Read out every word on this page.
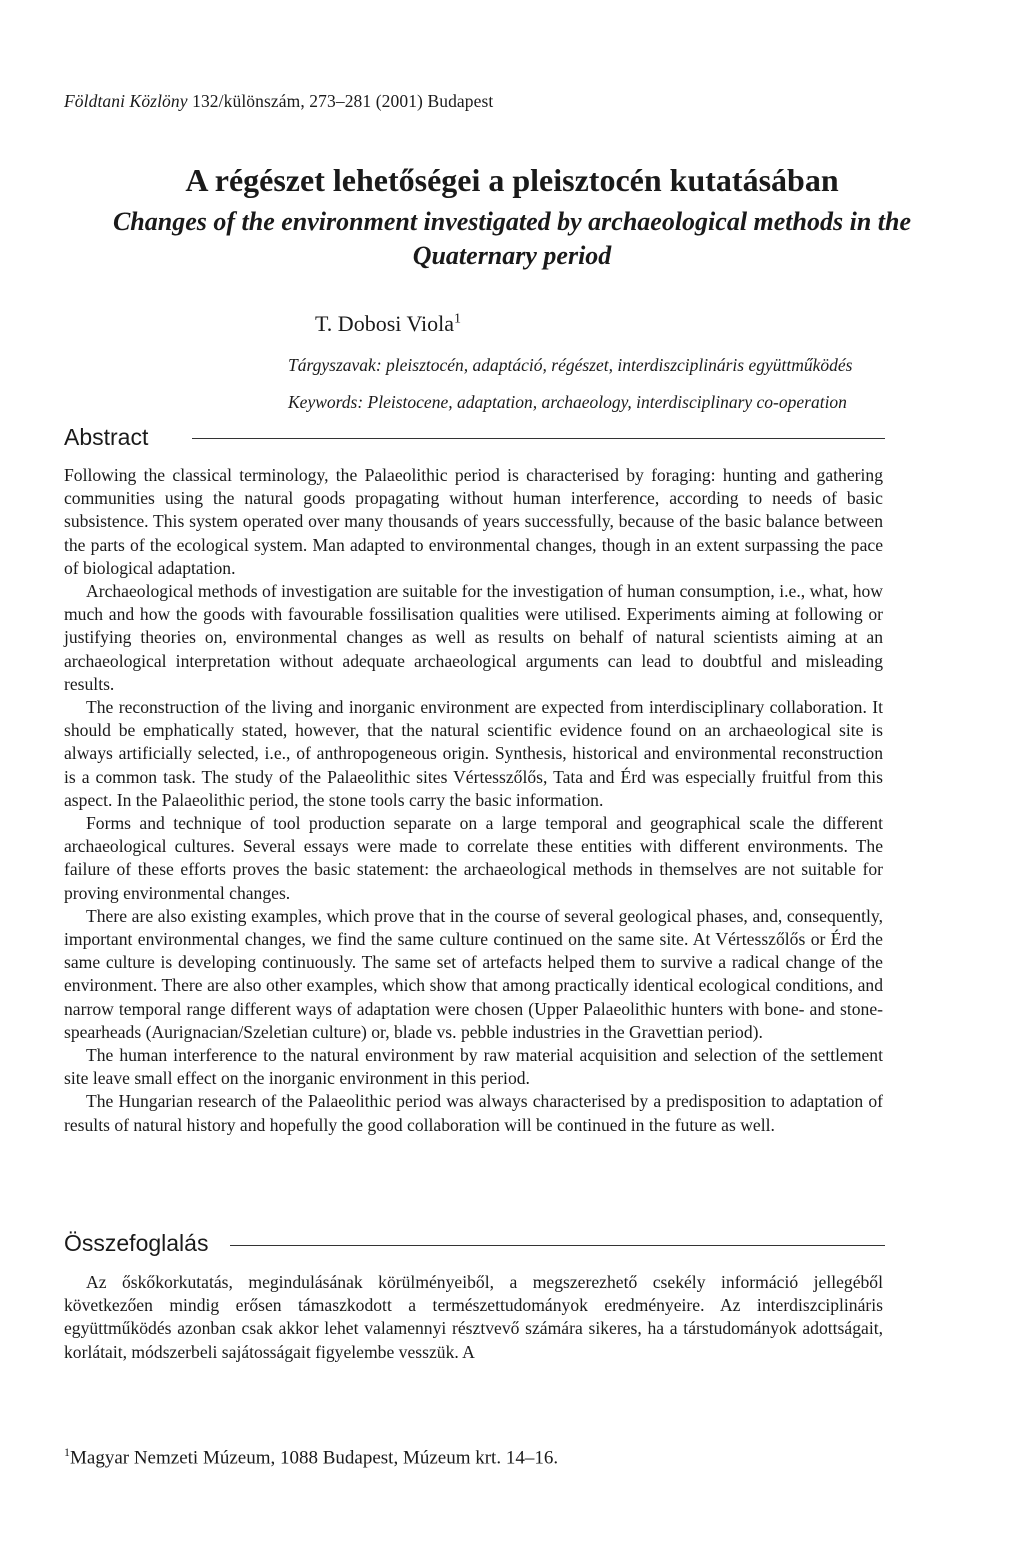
Földtani Közlöny 132/különszám, 273–281 (2001) Budapest
A régészet lehetőségei a pleisztocén kutatásában
Changes of the environment investigated by archaeological methods in the Quaternary period
T. Dobosi Viola$^1$
Tárgyszavak: pleisztocén, adaptáció, régészet, interdiszciplináris együttműködés
Keywords: Pleistocene, adaptation, archaeology, interdisciplinary co-operation
Abstract

Following the classical terminology, the Palaeolithic period is characterised by foraging: hunting and gathering communities using the natural goods propagating without human interference, according to needs of basic subsistence. This system operated over many thousands of years successfully, because of the basic balance between the parts of the ecological system. Man adapted to environmental changes, though in an extent surpassing the pace of biological adaptation.

Archaeological methods of investigation are suitable for the investigation of human consumption, i.e., what, how much and how the goods with favourable fossilisation qualities were utilised. Experiments aiming at following or justifying theories on, environmental changes as well as results on behalf of natural scientists aiming at an archaeological interpretation without adequate archaeological arguments can lead to doubtful and misleading results.

The reconstruction of the living and inorganic environment are expected from interdisciplinary collaboration. It should be emphatically stated, however, that the natural scientific evidence found on an archaeological site is always artificially selected, i.e., of anthropogeneous origin. Synthesis, historical and environmental reconstruction is a common task. The study of the Palaeolithic sites Vértesszőlős, Tata and Érd was especially fruitful from this aspect. In the Palaeolithic period, the stone tools carry the basic information.

Forms and technique of tool production separate on a large temporal and geographical scale the different archaeological cultures. Several essays were made to correlate these entities with different environments. The failure of these efforts proves the basic statement: the archaeological methods in themselves are not suitable for proving environmental changes.

There are also existing examples, which prove that in the course of several geological phases, and, consequently, important environmental changes, we find the same culture continued on the same site. At Vértesszőlős or Érd the same culture is developing continuously. The same set of artefacts helped them to survive a radical change of the environment. There are also other examples, which show that among practically identical ecological conditions, and narrow temporal range different ways of adaptation were chosen (Upper Palaeolithic hunters with bone- and stone-spearheads (Aurignacian/Szeletian culture) or, blade vs. pebble industries in the Gravettian period).

The human interference to the natural environment by raw material acquisition and selection of the settlement site leave small effect on the inorganic environment in this period.

The Hungarian research of the Palaeolithic period was always characterised by a predisposition to adaptation of results of natural history and hopefully the good collaboration will be continued in the future as well.

Összefoglalás

Az őskőkorkutatás, megindulásának körülményeiből, a megszerezhető csekély információ jellegéből következően mindig erősen támaszkodott a természettudományok eredményeire. Az interdiszciplináris együttműködés azonban csak akkor lehet valamennyi résztvevő számára sikeres, ha a társtudományok adottságait, korlátait, módszerbeli sajátosságait figyelembe vesszük. A

$^1$Magyar Nemzeti Múzeum, 1088 Budapest, Múzeum krt. 14–16.
